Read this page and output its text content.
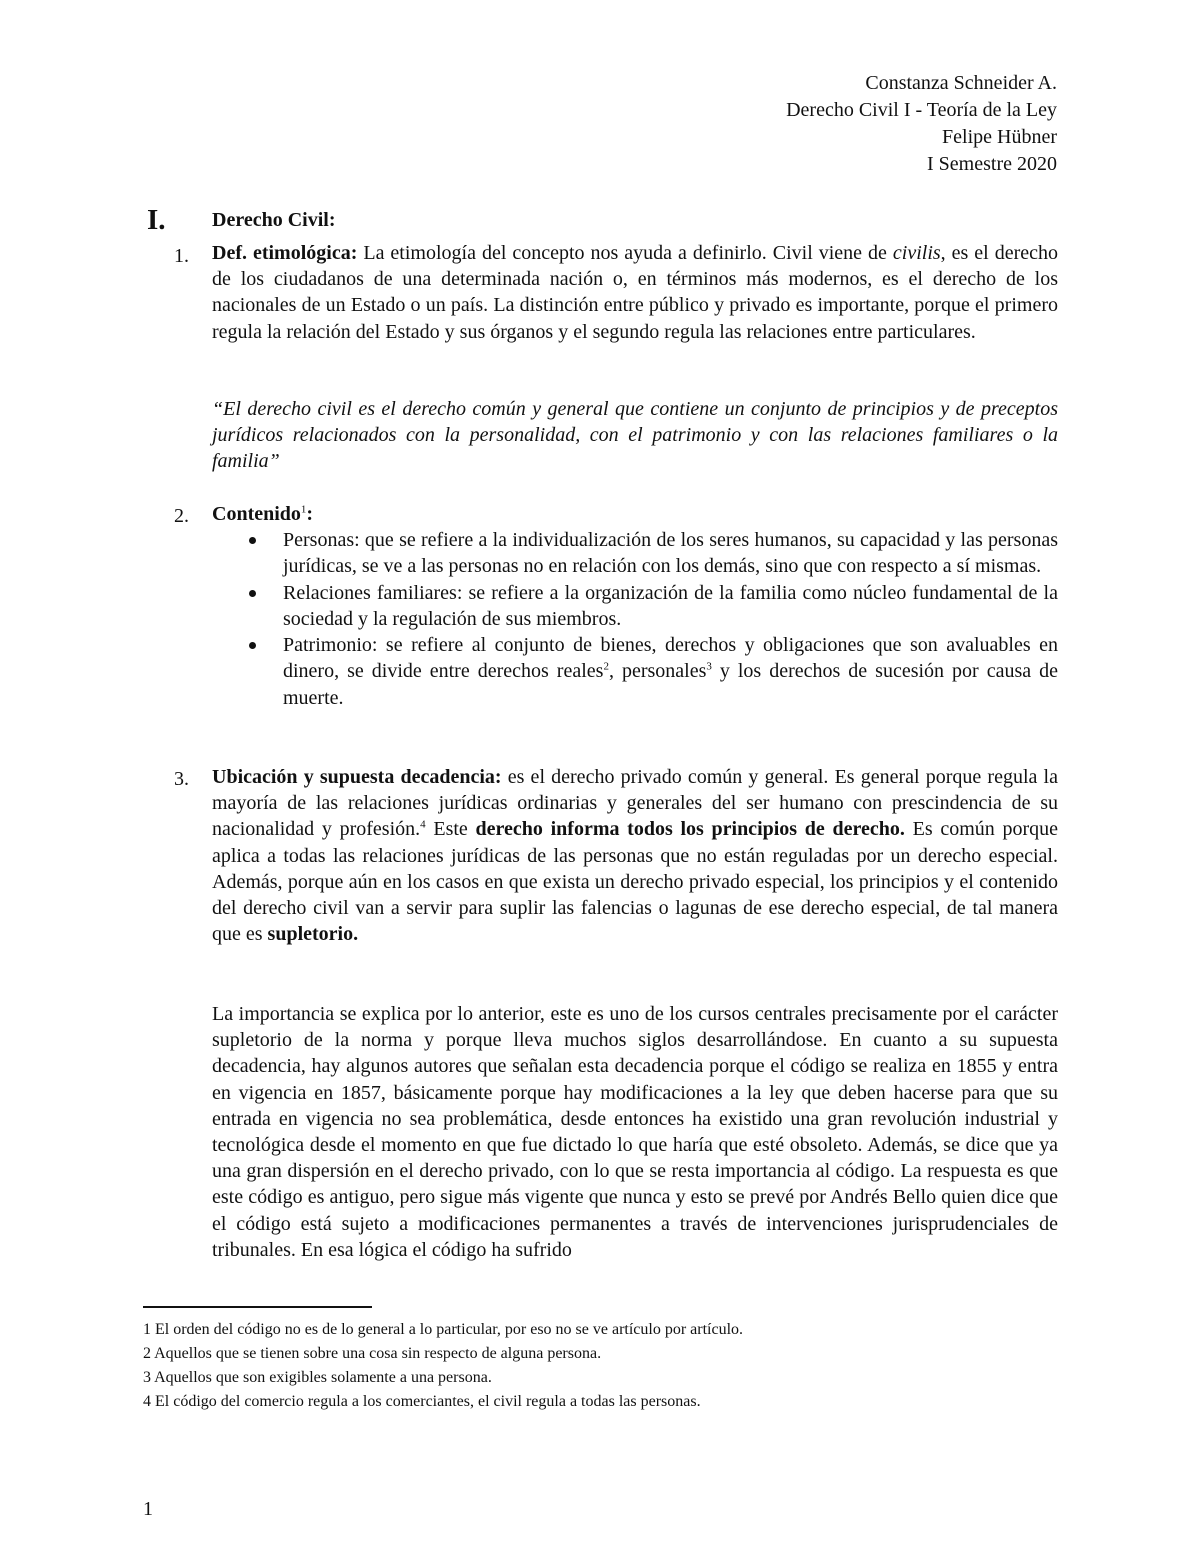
Constanza Schneider A.
Derecho Civil I - Teoría de la Ley
Felipe Hübner
I Semestre 2020
I. Derecho Civil:
1. Def. etimológica: La etimología del concepto nos ayuda a definirlo. Civil viene de civilis, es el derecho de los ciudadanos de una determinada nación o, en términos más modernos, es el derecho de los nacionales de un Estado o un país. La distinción entre público y privado es importante, porque el primero regula la relación del Estado y sus órganos y el segundo regula las relaciones entre particulares.

“El derecho civil es el derecho común y general que contiene un conjunto de principios y de preceptos jurídicos relacionados con la personalidad, con el patrimonio y con las relaciones familiares o la familia”

2. Contenido$^1$:

Personas: que se refiere a la individualización de los seres humanos, su capacidad y las personas jurídicas, se ve a las personas no en relación con los demás, sino que con respecto a sí mismas.

Relaciones familiares: se refiere a la organización de la familia como núcleo fundamental de la sociedad y la regulación de sus miembros.

Patrimonio: se refiere al conjunto de bienes, derechos y obligaciones que son avaluables en dinero, se divide entre derechos reales$^2$, personales$^3$ y los derechos de sucesión por causa de muerte.

3. Ubicación y supuesta decadencia: es el derecho privado común y general. Es general porque regula la mayoría de las relaciones jurídicas ordinarias y generales del ser humano con prescindencia de su nacionalidad y profesión.$^4$ Este derecho informa todos los principios de derecho. Es común porque aplica a todas las relaciones jurídicas de las personas que no están reguladas por un derecho especial. Además, porque aún en los casos en que exista un derecho privado especial, los principios y el contenido del derecho civil van a servir para suplir las falencias o lagunas de ese derecho especial, de tal manera que es supletorio.

La importancia se explica por lo anterior, este es uno de los cursos centrales precisamente por el carácter supletorio de la norma y porque lleva muchos siglos desarrollándose. En cuanto a su supuesta decadencia, hay algunos autores que señalan esta decadencia porque el código se realiza en 1855 y entra en vigencia en 1857, básicamente porque hay modificaciones a la ley que deben hacerse para que su entrada en vigencia no sea problemática, desde entonces ha existido una gran revolución industrial y tecnológica desde el momento en que fue dictado lo que haría que esté obsoleto. Además, se dice que ya una gran dispersión en el derecho privado, con lo que se resta importancia al código. La respuesta es que este código es antiguo, pero sigue más vigente que nunca y esto se prevé por Andrés Bello quien dice que el código está sujeto a modificaciones permanentes a través de intervenciones jurisprudenciales de tribunales. En esa lógica el código ha sufrido

1 El orden del código no es de lo general a lo particular, por eso no se ve artículo por artículo.
2 Aquellos que se tienen sobre una cosa sin respecto de alguna persona.
3 Aquellos que son exigibles solamente a una persona.
4 El código del comercio regula a los comerciantes, el civil regula a todas las personas.
1
